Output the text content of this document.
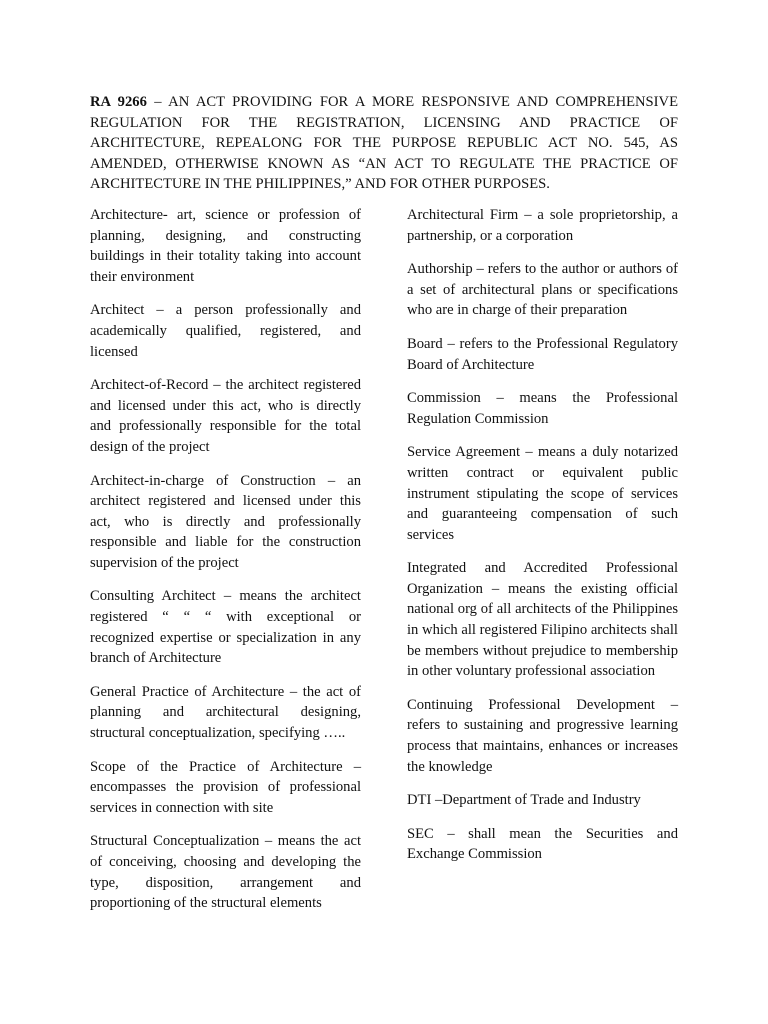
RA 9266 – AN ACT PROVIDING FOR A MORE RESPONSIVE AND COMPREHENSIVE REGULATION FOR THE REGISTRATION, LICENSING AND PRACTICE OF ARCHITECTURE, REPEALONG FOR THE PURPOSE REPUBLIC ACT NO. 545, AS AMENDED, OTHERWISE KNOWN AS “AN ACT TO REGULATE THE PRACTICE OF ARCHITECTURE IN THE PHILIPPINES,” AND FOR OTHER PURPOSES.

Architecture- art, science or profession of planning, designing, and constructing buildings in their totality taking into account their environment

Architect – a person professionally and academically qualified, registered, and licensed

Architect-of-Record – the architect registered and licensed under this act, who is directly and professionally responsible for the total design of the project

Architect-in-charge of Construction – an architect registered and licensed under this act, who is directly and professionally responsible and liable for the construction supervision of the project

Consulting Architect – means the architect registered “ “ “ with exceptional or recognized expertise or specialization in any branch of Architecture

General Practice of Architecture – the act of planning and architectural designing, structural conceptualization, specifying …..

Scope of the Practice of Architecture – encompasses the provision of professional services in connection with site

Structural Conceptualization – means the act of conceiving, choosing and developing the type, disposition, arrangement and proportioning of the structural elements

Architectural Firm – a sole proprietorship, a partnership, or a corporation

Authorship – refers to the author or authors of a set of architectural plans or specifications who are in charge of their preparation

Board – refers to the Professional Regulatory Board of Architecture

Commission – means the Professional Regulation Commission

Service Agreement – means a duly notarized written contract or equivalent public instrument stipulating the scope of services and guaranteeing compensation of such services

Integrated and Accredited Professional Organization – means the existing official national org of all architects of the Philippines in which all registered Filipino architects shall be members without prejudice to membership in other voluntary professional association

Continuing Professional Development – refers to sustaining and progressive learning process that maintains, enhances or increases the knowledge

DTI –Department of Trade and Industry

SEC – shall mean the Securities and Exchange Commission
